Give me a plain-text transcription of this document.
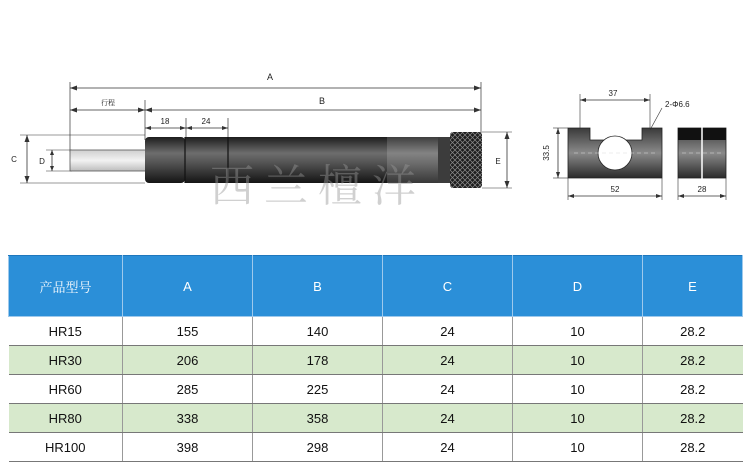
A
B
行程
18	24
C	D	E
37
2-Φ6.6
33.5
52	28
西兰檀洋
产品型号	A	B	C	D	E
HR15	155	140	24	10	28.2
HR30	206	178	24	10	28.2
HR60	285	225	24	10	28.2
HR80	338	358	24	10	28.2
HR100	398	298	24	10	28.2
